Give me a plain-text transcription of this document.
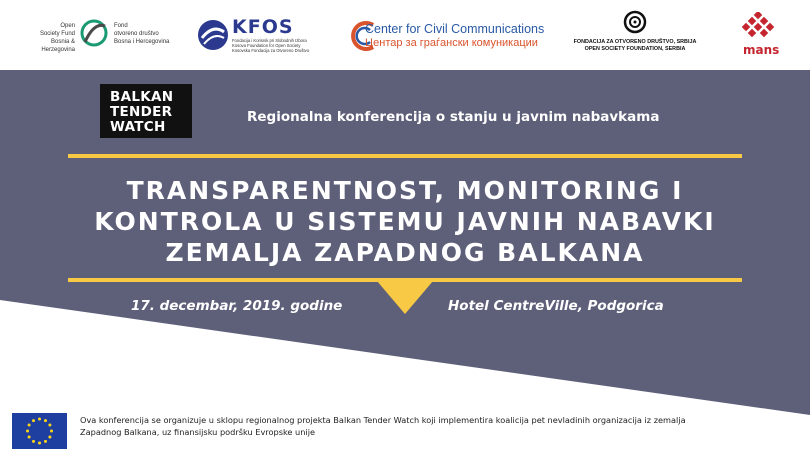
Open
Society Fund
Bosnia & Herzegovina
Fond
otvoreno društvo
Bosna i Hercegovina
KFOS
Fondacija i Korisnik pri Slobodnih Izbora
Kosova Foundation for Open Society
Kosovska Fondacija za Otvoreno Društvo
Center for Civil Communications
Центар за граѓански комуникации	FONDACIJA ZA OTVORENO DRUŠTVO, SRBIJA
OPEN SOCIETY FOUNDATION, SERBIA	mans
BALKAN
TENDER
WATCH
Regionalna konferencija o stanju u javnim nabavkama
TRANSPARENTNOST, MONITORING I
KONTROLA U SISTEMU JAVNIH NABAVKI
ZEMALJA ZAPADNOG BALKANA
17. decembar, 2019. godine	Hotel CentreVille, Podgorica
Ova konferencija se organizuje u sklopu regionalnog projekta Balkan Tender Watch koji implementira koalicija pet nevladinih organizacija iz zemalja Zapadnog Balkana, uz finansijsku podršku Evropske unije
